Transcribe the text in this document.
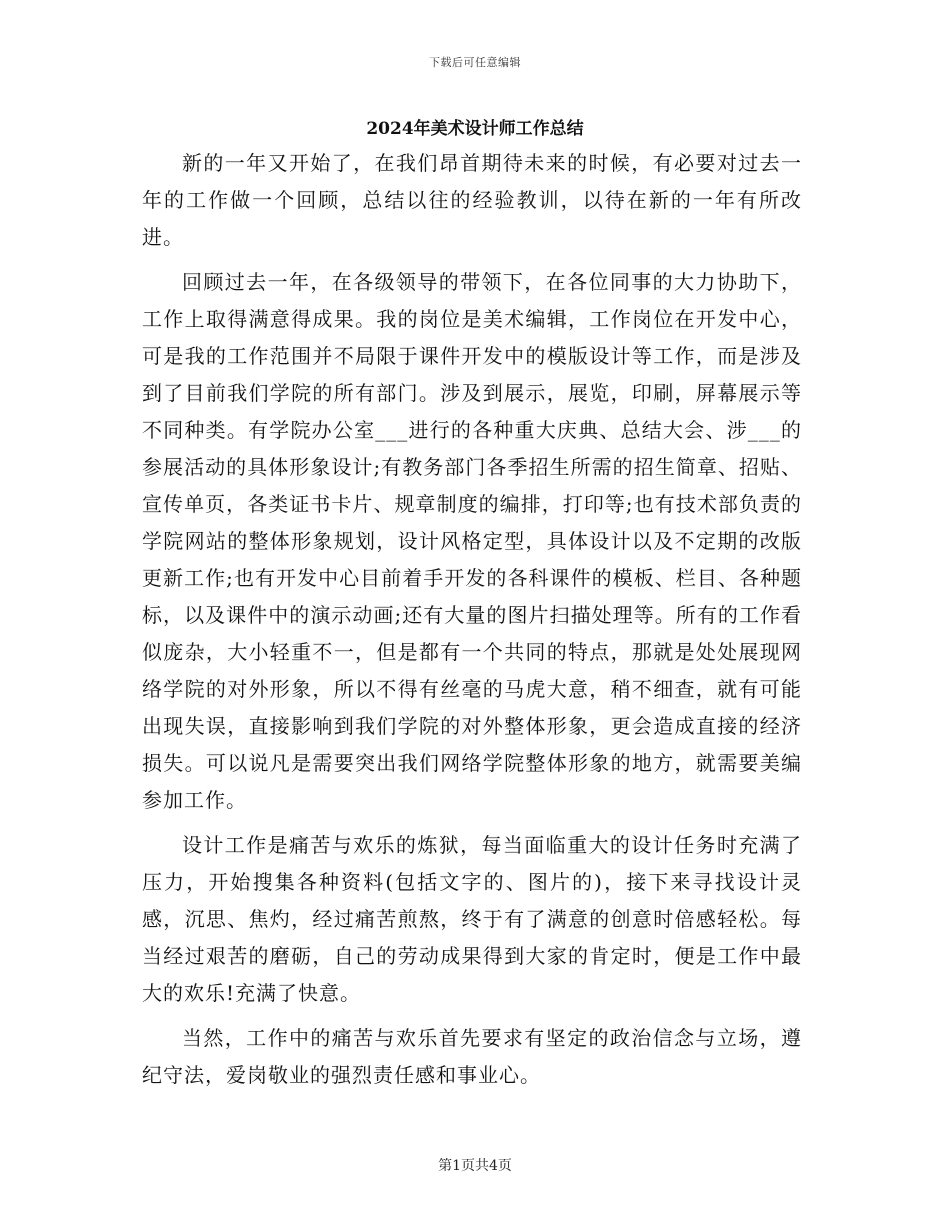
下载后可任意编辑
2024年美术设计师工作总结

新的一年又开始了，在我们昂首期待未来的时候，有必要对过去一年的工作做一个回顾，总结以往的经验教训，以待在新的一年有所改进。

回顾过去一年，在各级领导的带领下，在各位同事的大力协助下，工作上取得满意得成果。我的岗位是美术编辑，工作岗位在开发中心，可是我的工作范围并不局限于课件开发中的模版设计等工作，而是涉及到了目前我们学院的所有部门。涉及到展示，展览，印刷，屏幕展示等不同种类。有学院办公室___进行的各种重大庆典、总结大会、涉___的参展活动的具体形象设计;有教务部门各季招生所需的招生简章、招贴、宣传单页，各类证书卡片、规章制度的编排，打印等;也有技术部负责的学院网站的整体形象规划，设计风格定型，具体设计以及不定期的改版更新工作;也有开发中心目前着手开发的各科课件的模板、栏目、各种题标，以及课件中的演示动画;还有大量的图片扫描处理等。所有的工作看似庞杂，大小轻重不一，但是都有一个共同的特点，那就是处处展现网络学院的对外形象，所以不得有丝毫的马虎大意，稍不细查，就有可能出现失误，直接影响到我们学院的对外整体形象，更会造成直接的经济损失。可以说凡是需要突出我们网络学院整体形象的地方，就需要美编参加工作。

设计工作是痛苦与欢乐的炼狱，每当面临重大的设计任务时充满了压力，开始搜集各种资料(包括文字的、图片的)，接下来寻找设计灵感，沉思、焦灼，经过痛苦煎熬，终于有了满意的创意时倍感轻松。每当经过艰苦的磨砺，自己的劳动成果得到大家的肯定时，便是工作中最大的欢乐!充满了快意。

当然，工作中的痛苦与欢乐首先要求有坚定的政治信念与立场，遵纪守法，爱岗敬业的强烈责任感和事业心。

第1页共4页
